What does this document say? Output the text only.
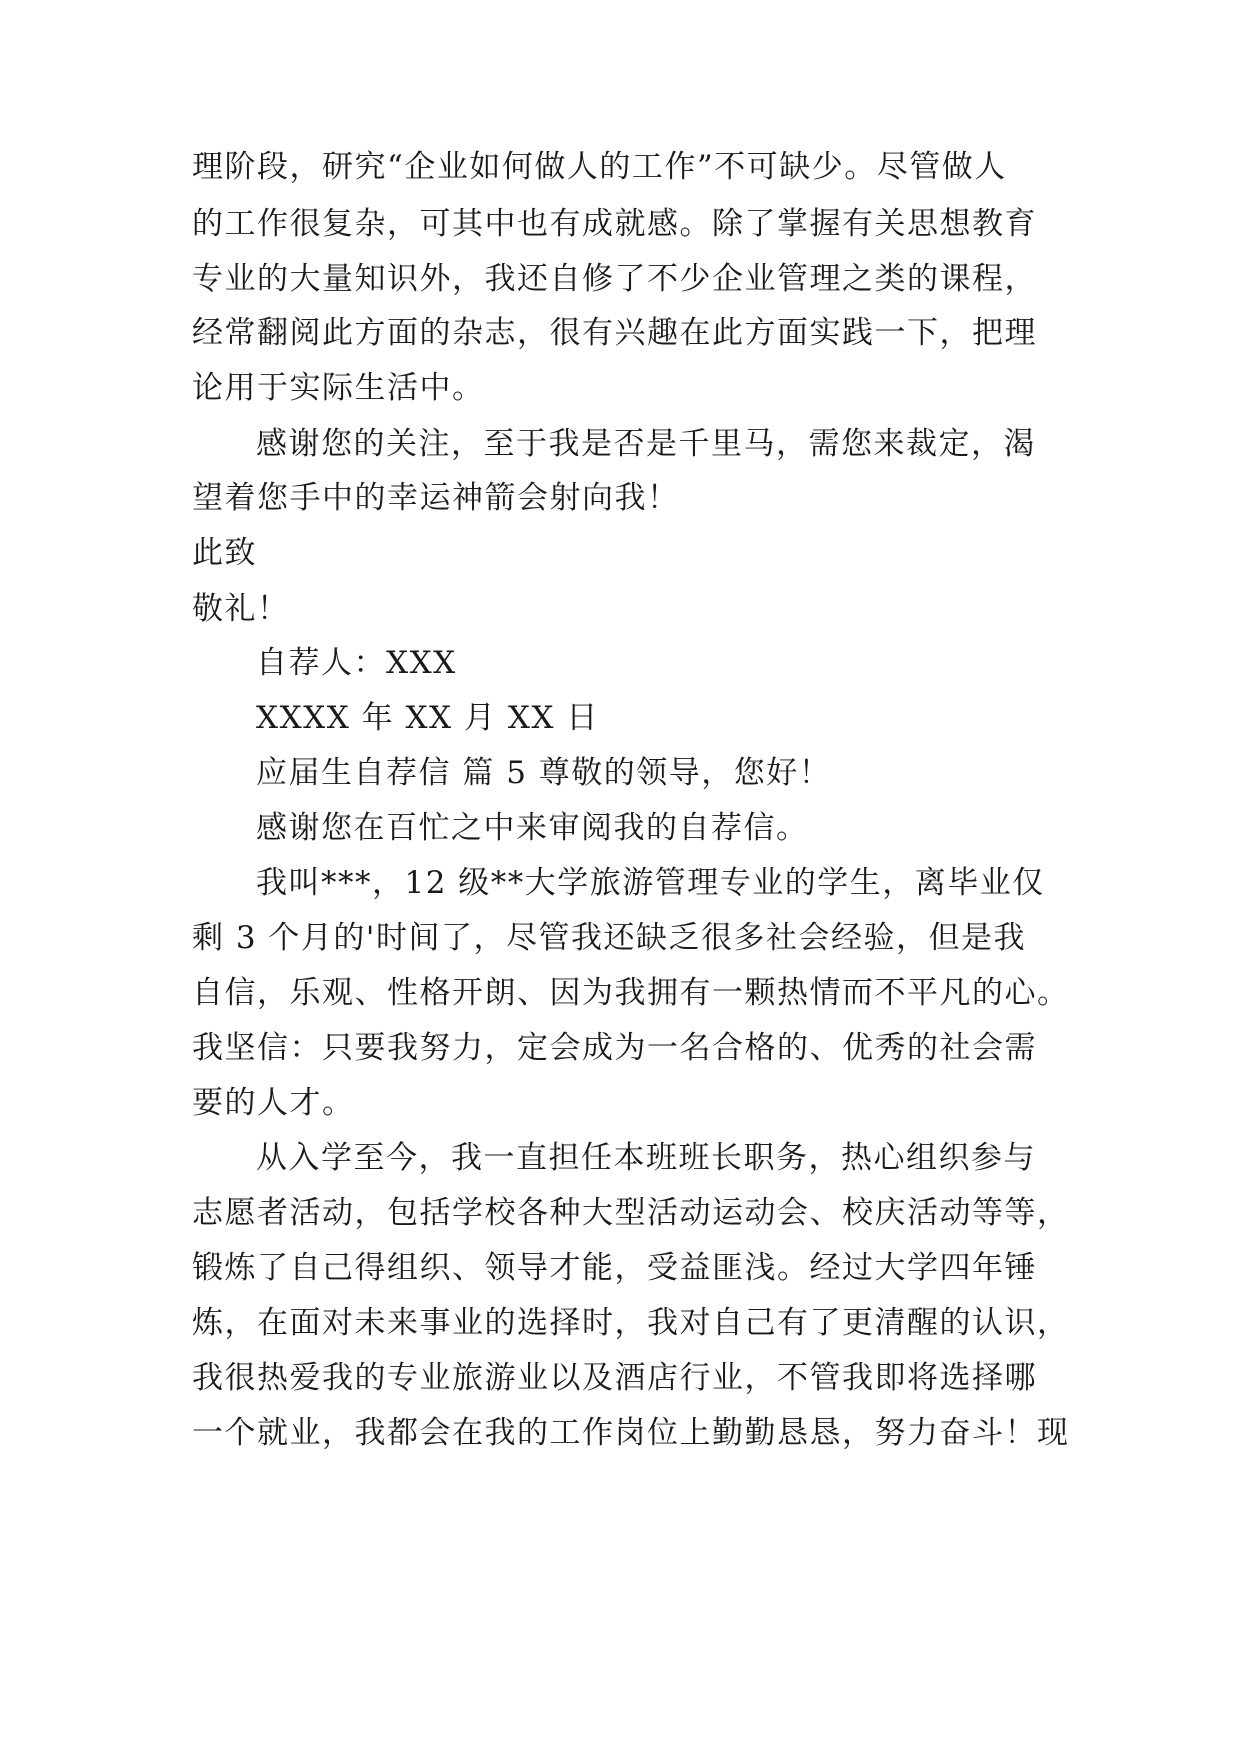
理阶段，研究“企业如何做人的工作”不可缺少。尽管做人
的工作很复杂，可其中也有成就感。除了掌握有关思想教育
专业的大量知识外，我还自修了不少企业管理之类的课程，
经常翻阅此方面的杂志，很有兴趣在此方面实践一下，把理
论用于实际生活中。
感谢您的关注，至于我是否是千里马，需您来裁定，渴
望着您手中的幸运神箭会射向我！
此致
敬礼！
自荐人：XXX
XXXX 年 XX 月 XX 日
应届生自荐信 篇 5 尊敬的领导，您好！
感谢您在百忙之中来审阅我的自荐信。
我叫***，12 级**大学旅游管理专业的学生，离毕业仅
剩 3 个月的'时间了，尽管我还缺乏很多社会经验，但是我
自信，乐观、性格开朗、因为我拥有一颗热情而不平凡的心。
我坚信：只要我努力，定会成为一名合格的、优秀的社会需
要的人才。
从入学至今，我一直担任本班班长职务，热心组织参与
志愿者活动，包括学校各种大型活动运动会、校庆活动等等，
锻炼了自己得组织、领导才能，受益匪浅。经过大学四年锤
炼，在面对未来事业的选择时，我对自己有了更清醒的认识，
我很热爱我的专业旅游业以及酒店行业，不管我即将选择哪
一个就业，我都会在我的工作岗位上勤勤恳恳，努力奋斗！现
